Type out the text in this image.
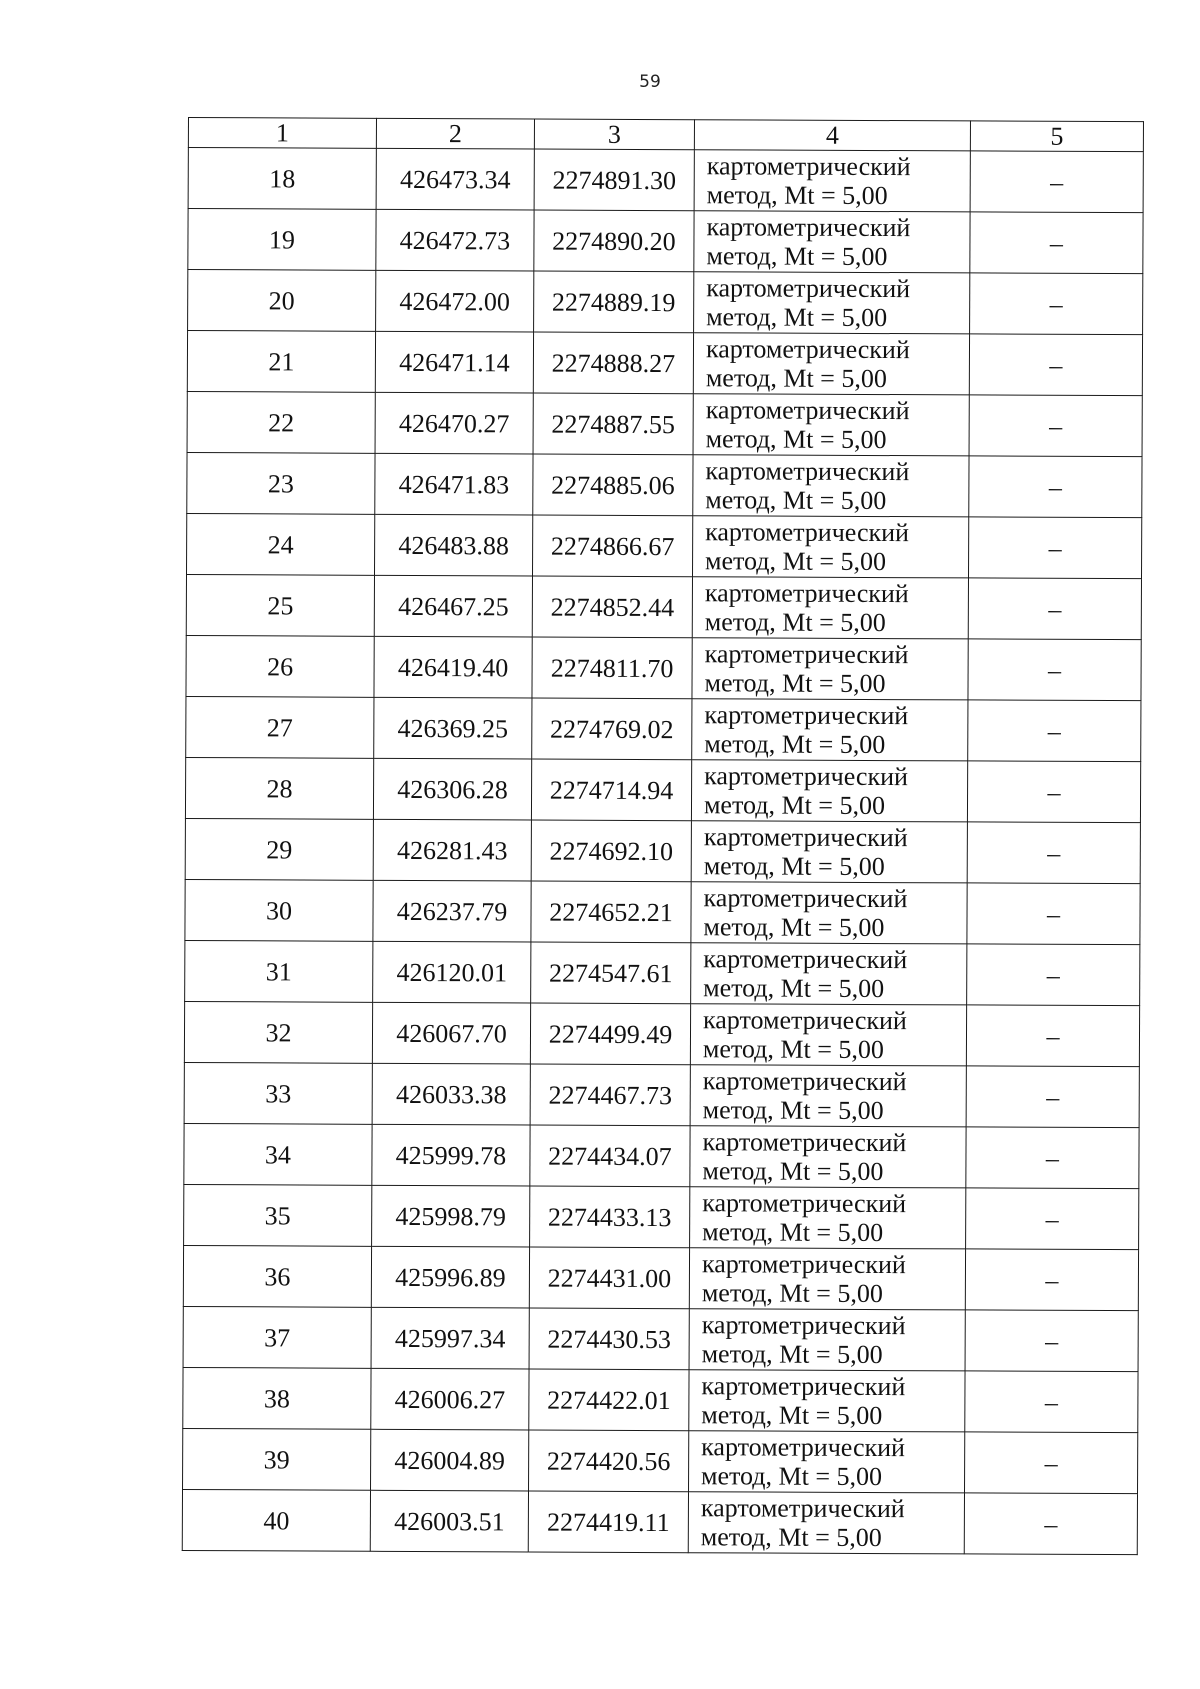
59
1	2	3	4	5
18	426473.34	2274891.30	картометрический
метод, Mt = 5,00	–
19	426472.73	2274890.20	картометрический
метод, Mt = 5,00	–
20	426472.00	2274889.19	картометрический
метод, Mt = 5,00	–
21	426471.14	2274888.27	картометрический
метод, Mt = 5,00	–
22	426470.27	2274887.55	картометрический
метод, Mt = 5,00	–
23	426471.83	2274885.06	картометрический
метод, Mt = 5,00	–
24	426483.88	2274866.67	картометрический
метод, Mt = 5,00	–
25	426467.25	2274852.44	картометрический
метод, Mt = 5,00	–
26	426419.40	2274811.70	картометрический
метод, Mt = 5,00	–
27	426369.25	2274769.02	картометрический
метод, Mt = 5,00	–
28	426306.28	2274714.94	картометрический
метод, Mt = 5,00	–
29	426281.43	2274692.10	картометрический
метод, Mt = 5,00	–
30	426237.79	2274652.21	картометрический
метод, Mt = 5,00	–
31	426120.01	2274547.61	картометрический
метод, Mt = 5,00	–
32	426067.70	2274499.49	картометрический
метод, Mt = 5,00	–
33	426033.38	2274467.73	картометрический
метод, Mt = 5,00	–
34	425999.78	2274434.07	картометрический
метод, Mt = 5,00	–
35	425998.79	2274433.13	картометрический
метод, Mt = 5,00	–
36	425996.89	2274431.00	картометрический
метод, Mt = 5,00	–
37	425997.34	2274430.53	картометрический
метод, Mt = 5,00	–
38	426006.27	2274422.01	картометрический
метод, Mt = 5,00	–
39	426004.89	2274420.56	картометрический
метод, Mt = 5,00	–
40	426003.51	2274419.11	картометрический
метод, Mt = 5,00	–
